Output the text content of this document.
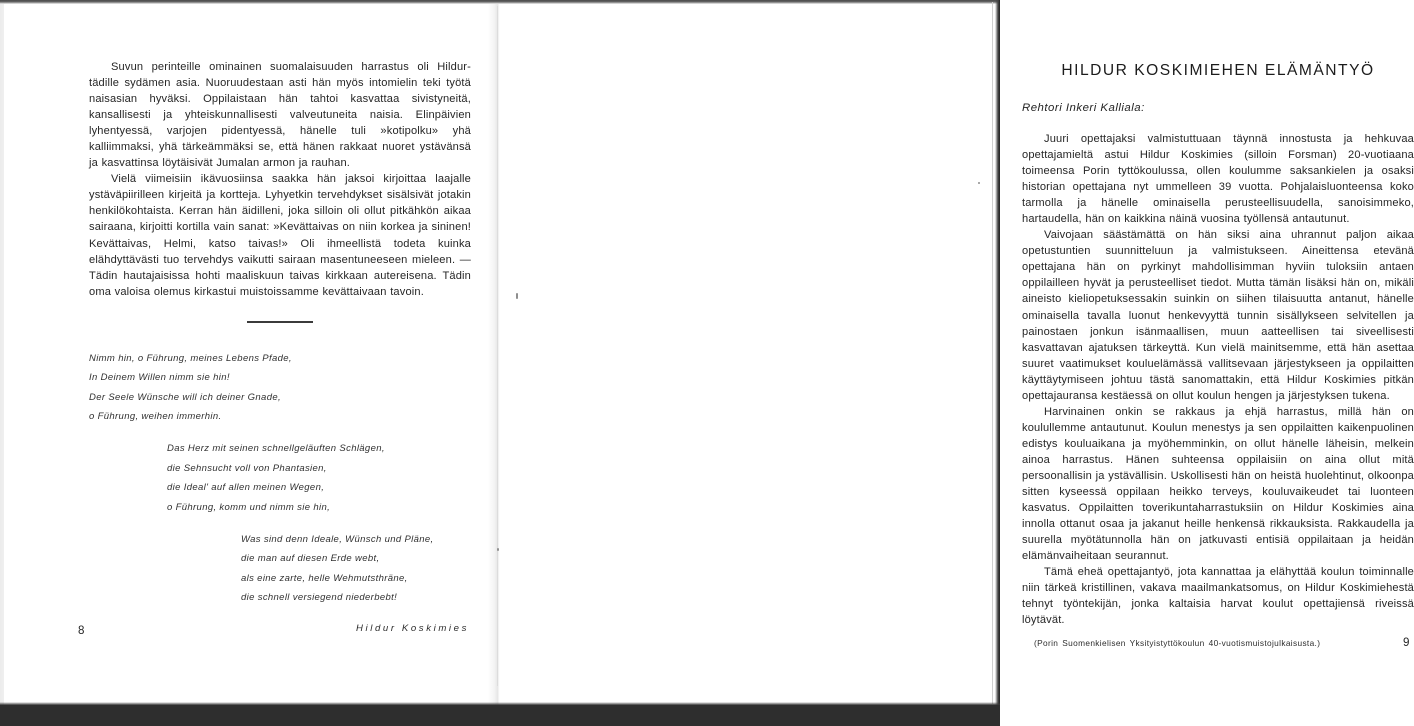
Suvun perinteille ominainen suomalaisuuden harrastus oli Hildur-tädille sydämen asia. Nuoruudestaan asti hän myös intomielin teki työtä naisasian hyväksi. Oppilaistaan hän tahtoi kasvattaa sivistyneitä, kansallisesti ja yhteiskunnallisesti valveutuneita naisia. Elinpäivien lyhentyessä, varjojen pidentyessä, hänelle tuli »kotipolku» yhä kalliimmaksi, yhä tärkeämmäksi se, että hänen rakkaat nuoret ystävänsä ja kasvattinsa löytäisivät Jumalan armon ja rauhan.

Vielä viimeisiin ikävuosiinsa saakka hän jaksoi kirjoittaa laajalle ystäväpiirilleen kirjeitä ja kortteja. Lyhyetkin tervehdykset sisälsivät jotakin henkilökohtaista. Kerran hän äidilleni, joka silloin oli ollut pitkähkön aikaa sairaana, kirjoitti kortilla vain sanat: »Kevättaivas on niin korkea ja sininen! Kevättaivas, Helmi, katso taivas!» Oli ihmeellistä todeta kuinka elähdyttävästi tuo tervehdys vaikutti sairaan masentuneeseen mieleen. — Tädin hautajaisissa hohti maaliskuun taivas kirkkaan autereisena. Tädin oma valoisa olemus kirkastui muistoissamme kevättaivaan tavoin.

Nimm hin, o Führung, meines Lebens Pfade,
In Deinem Willen nimm sie hin!
Der Seele Wünsche will ich deiner Gnade,
o Führung, weihen immerhin.
Das Herz mit seinen schnellgeläuften Schlägen,
die Sehnsucht voll von Phantasien,
die Ideal' auf allen meinen Wegen,
o Führung, komm und nimm sie hin,
Was sind denn Ideale, Wünsch und Pläne,
die man auf diesen Erde webt,
als eine zarte, helle Wehmutsthräne,
die schnell versiegend niederbebt!

Hildur Koskimies

8
HILDUR KOSKIMIEHEN ELÄMÄNTYÖ

Rehtori Inkeri Kalliala:

Juuri opettajaksi valmistuttuaan täynnä innostusta ja hehkuvaa opettajamieltä astui Hildur Koskimies (silloin Forsman) 20-vuotiaana toimeensa Porin tyttökoulussa, ollen koulumme saksankielen ja osaksi historian opettajana nyt ummelleen 39 vuotta. Pohjalaisluonteensa koko tarmolla ja hänelle ominaisella perusteellisuudella, sanoisimmeko, hartaudella, hän on kaikkina näinä vuosina työllensä antautunut.

Vaivojaan säästämättä on hän siksi aina uhrannut paljon aikaa opetustuntien suunnitteluun ja valmistukseen. Aineittensa etevänä opettajana hän on pyrkinyt mahdollisimman hyviin tuloksiin antaen oppilailleen hyvät ja perusteelliset tiedot. Mutta tämän lisäksi hän on, mikäli aineisto kieliopetuksessakin suinkin on siihen tilaisuutta antanut, hänelle ominaisella tavalla luonut henkevyyttä tunnin sisällykseen selvitellen ja painostaen jonkun isänmaallisen, muun aatteellisen tai siveellisesti kasvattavan ajatuksen tärkeyttä. Kun vielä mainitsemme, että hän asettaa suuret vaatimukset kouluelämässä vallitsevaan järjestykseen ja oppilaitten käyttäytymiseen johtuu tästä sanomattakin, että Hildur Koskimies pitkän opettajauransa kestäessä on ollut koulun hengen ja järjestyksen tukena.

Harvinainen onkin se rakkaus ja ehjä harrastus, millä hän on koulullemme antautunut. Koulun menestys ja sen oppilaitten kaikenpuolinen edistys kouluaikana ja myöhemminkin, on ollut hänelle läheisin, melkein ainoa harrastus. Hänen suhteensa oppilaisiin on aina ollut mitä persoonallisin ja ystävällisin. Uskollisesti hän on heistä huolehtinut, olkoonpa sitten kyseessä oppilaan heikko terveys, kouluvaikeudet tai luonteen kasvatus. Oppilaitten toverikuntaharrastuksiin on Hildur Koskimies aina innolla ottanut osaa ja jakanut heille henkensä rikkauksista. Rakkaudella ja suurella myötätunnolla hän on jatkuvasti entisiä oppilaitaan ja heidän elämänvaiheitaan seurannut.

Tämä eheä opettajantyö, jota kannattaa ja elähyttää koulun toiminnalle niin tärkeä kristillinen, vakava maailmankatsomus, on Hildur Koskimiehestä tehnyt työntekijän, jonka kaltaisia harvat koulut opettajiensä riveissä löytävät.

(Porin Suomenkielisen Yksityistyttökoulun 40-vuotismuistojulkaisusta.)	9
